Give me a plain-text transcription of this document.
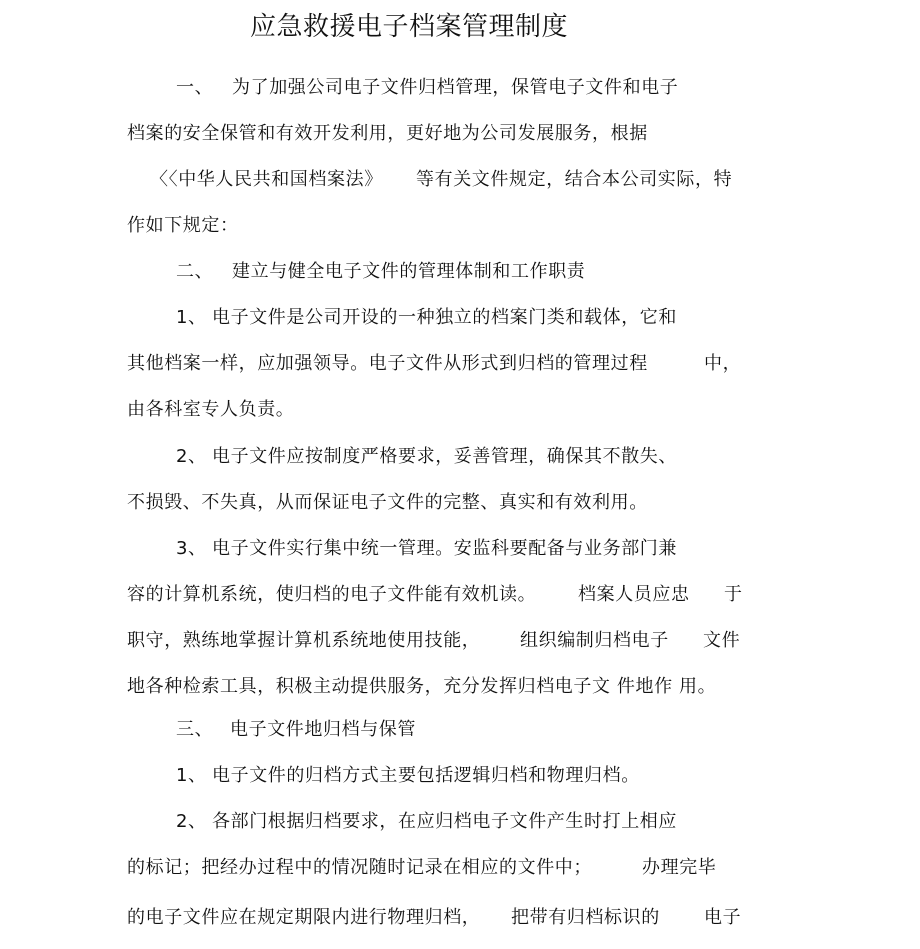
应急救援电子档案管理制度
一、 为了加强公司电子文件归档管理，保管电子文件和电子
档案的安全保管和有效开发利用，更好地为公司发展服务，根据
〈〈中华人民共和国档案法》 等有关文件规定，结合本公司实际，特
作如下规定：
二、 建立与健全电子文件的管理体制和工作职责
1、 电子文件是公司开设的一种独立的档案门类和载体，它和
其他档案一样，应加强领导。电子文件从形式到归档的管理过程	中，
由各科室专人负责。
2、 电子文件应按制度严格要求，妥善管理，确保其不散失、
不损毁、不失真，从而保证电子文件的完整、真实和有效利用。
3、 电子文件实行集中统一管理。安监科要配备与业务部门兼
容的计算机系统，使归档的电子文件能有效机读。 档案人员应忠 于
职守，熟练地掌握计算机系统地使用技能， 组织编制归档电子 文件
地各种检索工具，积极主动提供服务，充分发挥归档电子文 件地作 用。
三、 电子文件地归档与保管
1、 电子文件的归档方式主要包括逻辑归档和物理归档。
2、 各部门根据归档要求，在应归档电子文件产生时打上相应
的标记；把经办过程中的情况随时记录在相应的文件中；	办理完毕
的电子文件应在规定期限内进行物理归档， 把带有归档标识的 电子
